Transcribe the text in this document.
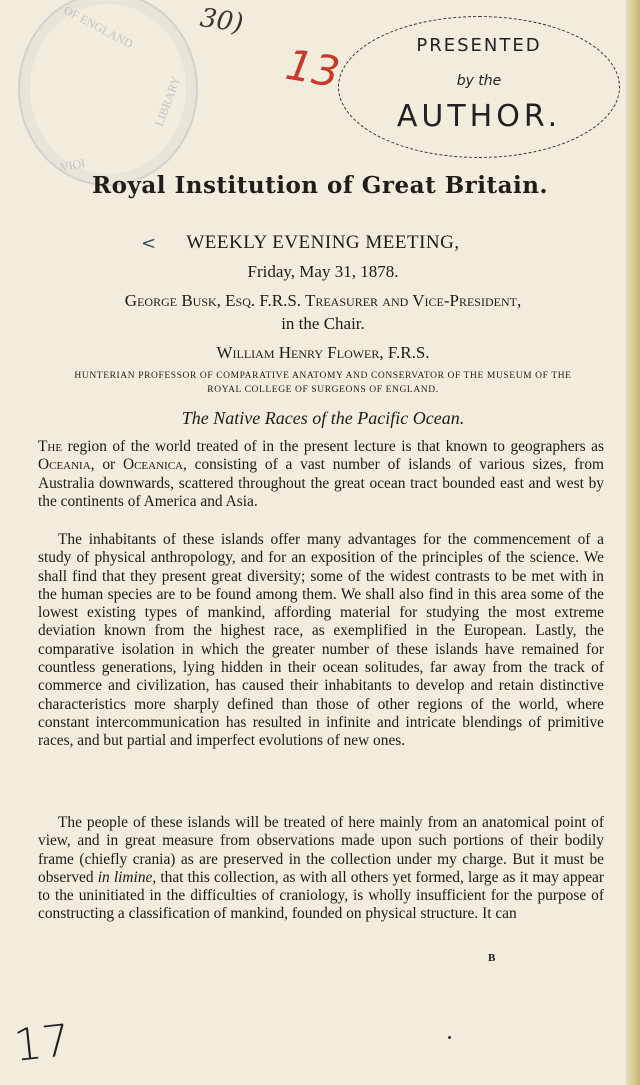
OF ENGLAND
LIBRARY
VIOI
30)
13	PRESENTED
by the
AUTHOR.
Royal Institution of Great Britain.
<	WEEKLY EVENING MEETING,
Friday, May 31, 1878.
George Busk, Esq. F.R.S. Treasurer and Vice-President,
in the Chair.
William Henry Flower, F.R.S.
HUNTERIAN PROFESSOR OF COMPARATIVE ANATOMY AND CONSERVATOR OF THE MUSEUM OF THE
ROYAL COLLEGE OF SURGEONS OF ENGLAND.
The Native Races of the Pacific Ocean.
The region of the world treated of in the present lecture is that known to geographers as Oceania, or Oceanica, consisting of a vast number of islands of various sizes, from Australia downwards, scattered throughout the great ocean tract bounded east and west by the continents of America and Asia.
The inhabitants of these islands offer many advantages for the commencement of a study of physical anthropology, and for an exposition of the principles of the science. We shall find that they present great diversity; some of the widest contrasts to be met with in the human species are to be found among them. We shall also find in this area some of the lowest existing types of mankind, affording material for studying the most extreme deviation known from the highest race, as exemplified in the European. Lastly, the comparative isolation in which the greater number of these islands have remained for countless generations, lying hidden in their ocean solitudes, far away from the track of commerce and civilization, has caused their inhabitants to develop and retain distinctive characteristics more sharply defined than those of other regions of the world, where constant intercommunication has resulted in infinite and intricate blendings of primitive races, and but partial and imperfect evolutions of new ones.
The people of these islands will be treated of here mainly from an anatomical point of view, and in great measure from observations made upon such portions of their bodily frame (chiefly crania) as are preserved in the collection under my charge. But it must be observed in limine, that this collection, as with all others yet formed, large as it may appear to the uninitiated in the difficulties of craniology, is wholly insufficient for the purpose of constructing a classification of mankind, founded on physical structure. It can
B
17
